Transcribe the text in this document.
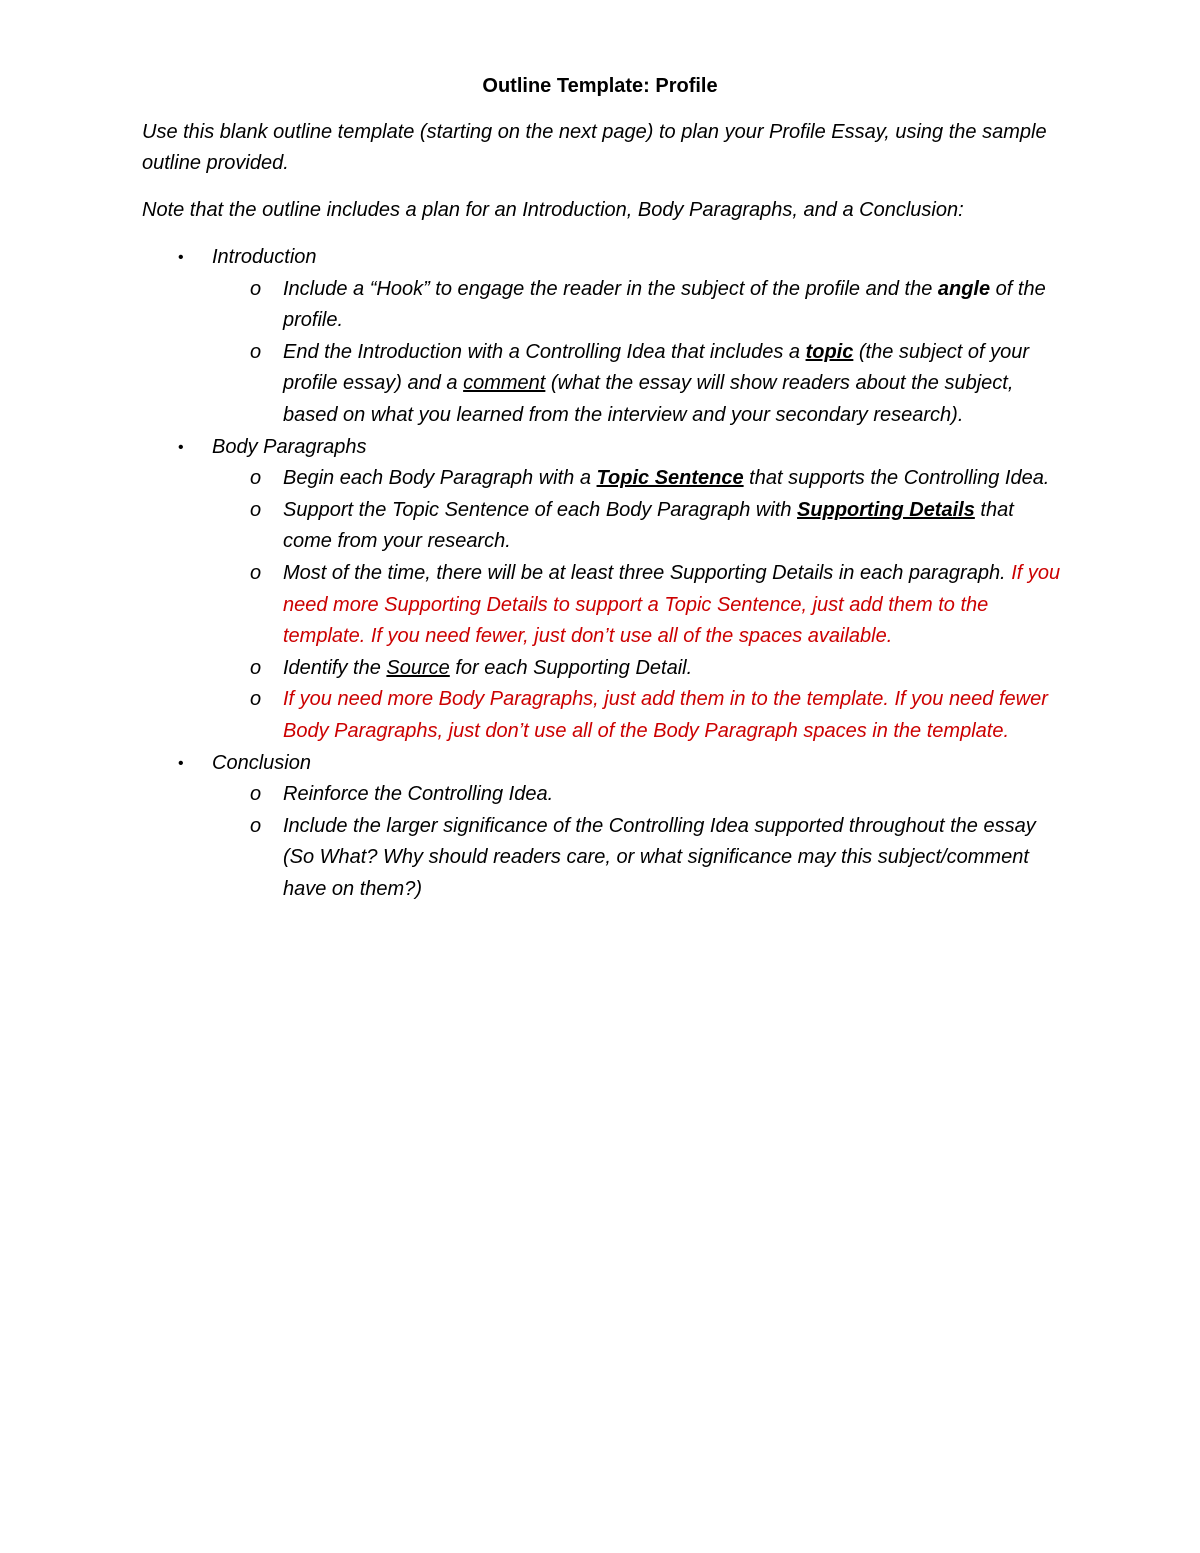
Outline Template: Profile
Use this blank outline template (starting on the next page) to plan your Profile Essay, using the sample outline provided.
Note that the outline includes a plan for an Introduction, Body Paragraphs, and a Conclusion:
• Introduction
o Include a “Hook” to engage the reader in the subject of the profile and the angle of the profile.
o End the Introduction with a Controlling Idea that includes a topic (the subject of your profile essay) and a comment (what the essay will show readers about the subject, based on what you learned from the interview and your secondary research).
• Body Paragraphs
o Begin each Body Paragraph with a Topic Sentence that supports the Controlling Idea.
o Support the Topic Sentence of each Body Paragraph with Supporting Details that come from your research.
o Most of the time, there will be at least three Supporting Details in each paragraph. If you need more Supporting Details to support a Topic Sentence, just add them to the template. If you need fewer, just don’t use all of the spaces available.
o Identify the Source for each Supporting Detail.
o If you need more Body Paragraphs, just add them in to the template. If you need fewer Body Paragraphs, just don’t use all of the Body Paragraph spaces in the template.
• Conclusion
o Reinforce the Controlling Idea.
o Include the larger significance of the Controlling Idea supported throughout the essay (So What? Why should readers care, or what significance may this subject/comment have on them?)
